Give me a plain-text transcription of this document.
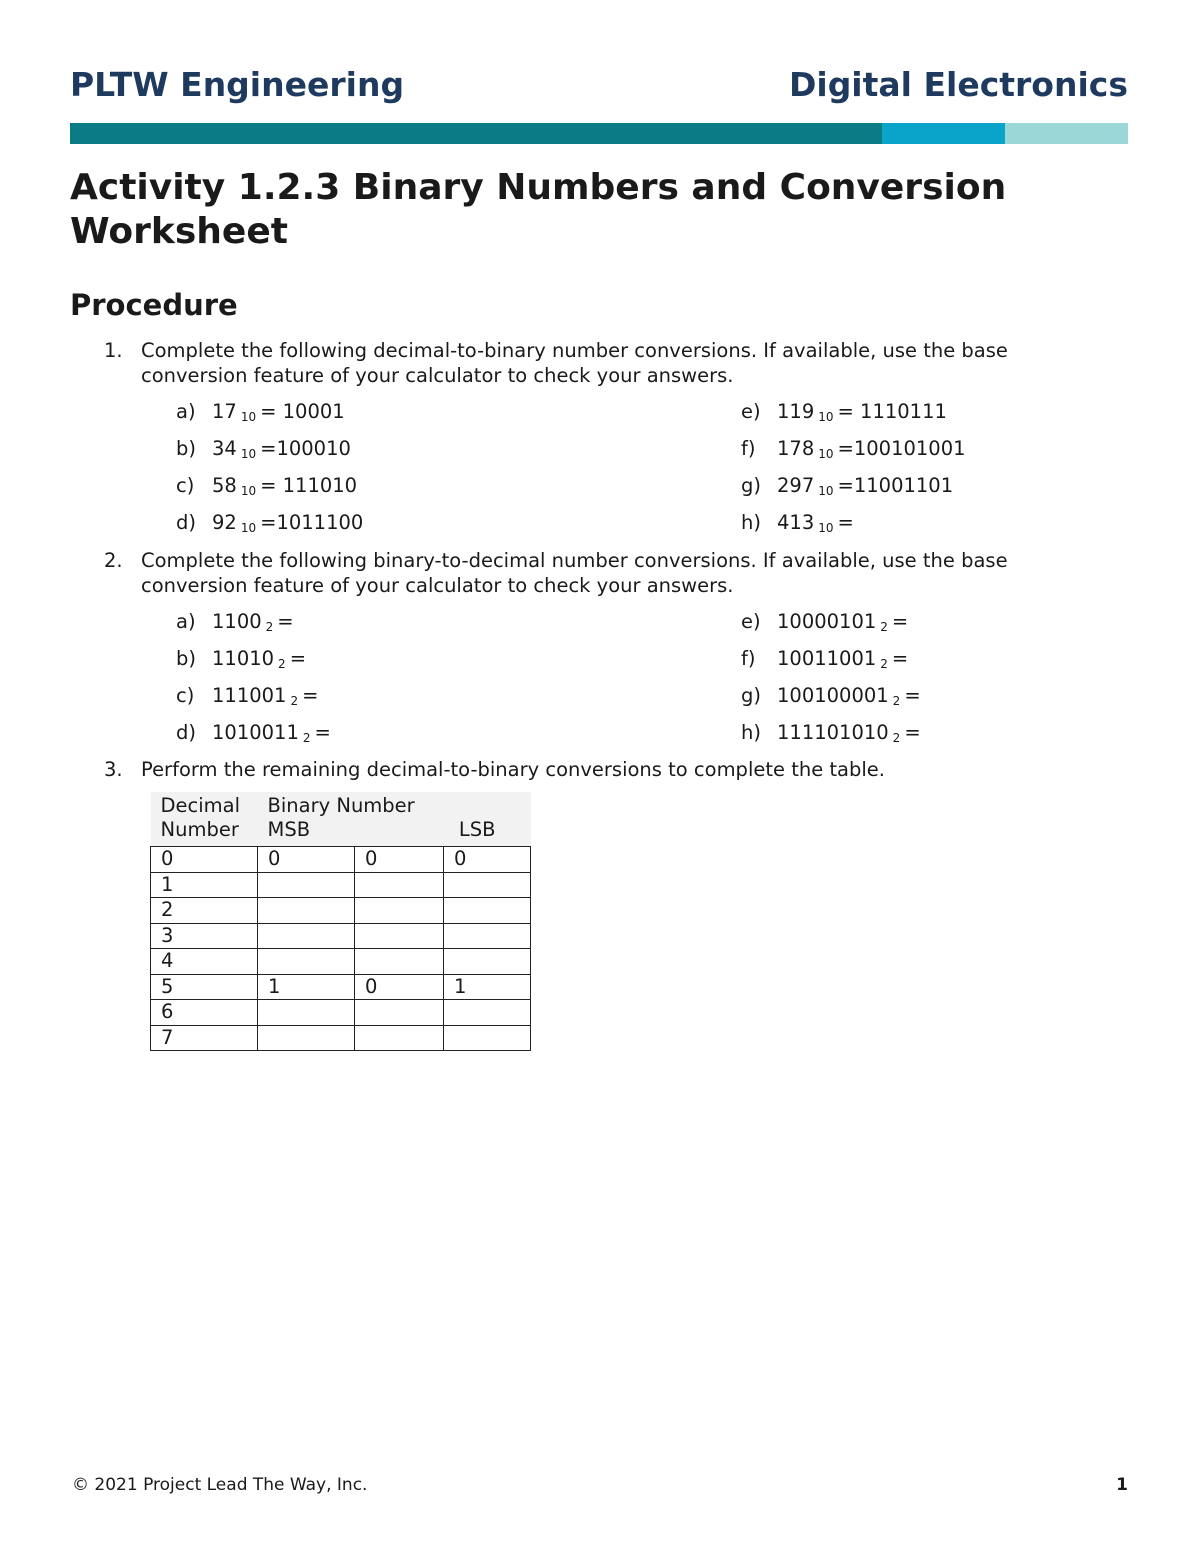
PLTW Engineering	Digital Electronics
Activity 1.2.3 Binary Numbers and Conversion
Worksheet
Procedure
1. Complete the following decimal-to-binary number conversions. If available, use the base conversion feature of your calculator to check your answers.
a) 17 $_{10}$ = 10001
b) 34 $_{10}$ =100010
c) 58 $_{10}$ = 111010
d) 92 $_{10}$ =1011100
e) 119 $_{10}$ = 1110111
f) 178 $_{10}$ =100101001
g) 297 $_{10}$ =11001101
h) 413 $_{10}$ =
2. Complete the following binary-to-decimal number conversions. If available, use the base conversion feature of your calculator to check your answers.
a) 1100 $_2$ =
b) 11010 $_2$ =
c) 111001 $_2$ =
d) 1010011 $_2$ =
e) 10000101 $_2$ =
f) 10011001 $_2$ =
g) 100100001 $_2$ =
h) 111101010 $_2$ =
3. Perform the remaining decimal-to-binary conversions to complete the table.
Decimal Number	Binary Number
MSB LSB		

0	0	0	0
1			
2			
3			
4			
5	1	0	1
6			
7			
© 2021 Project Lead The Way, Inc.	1
